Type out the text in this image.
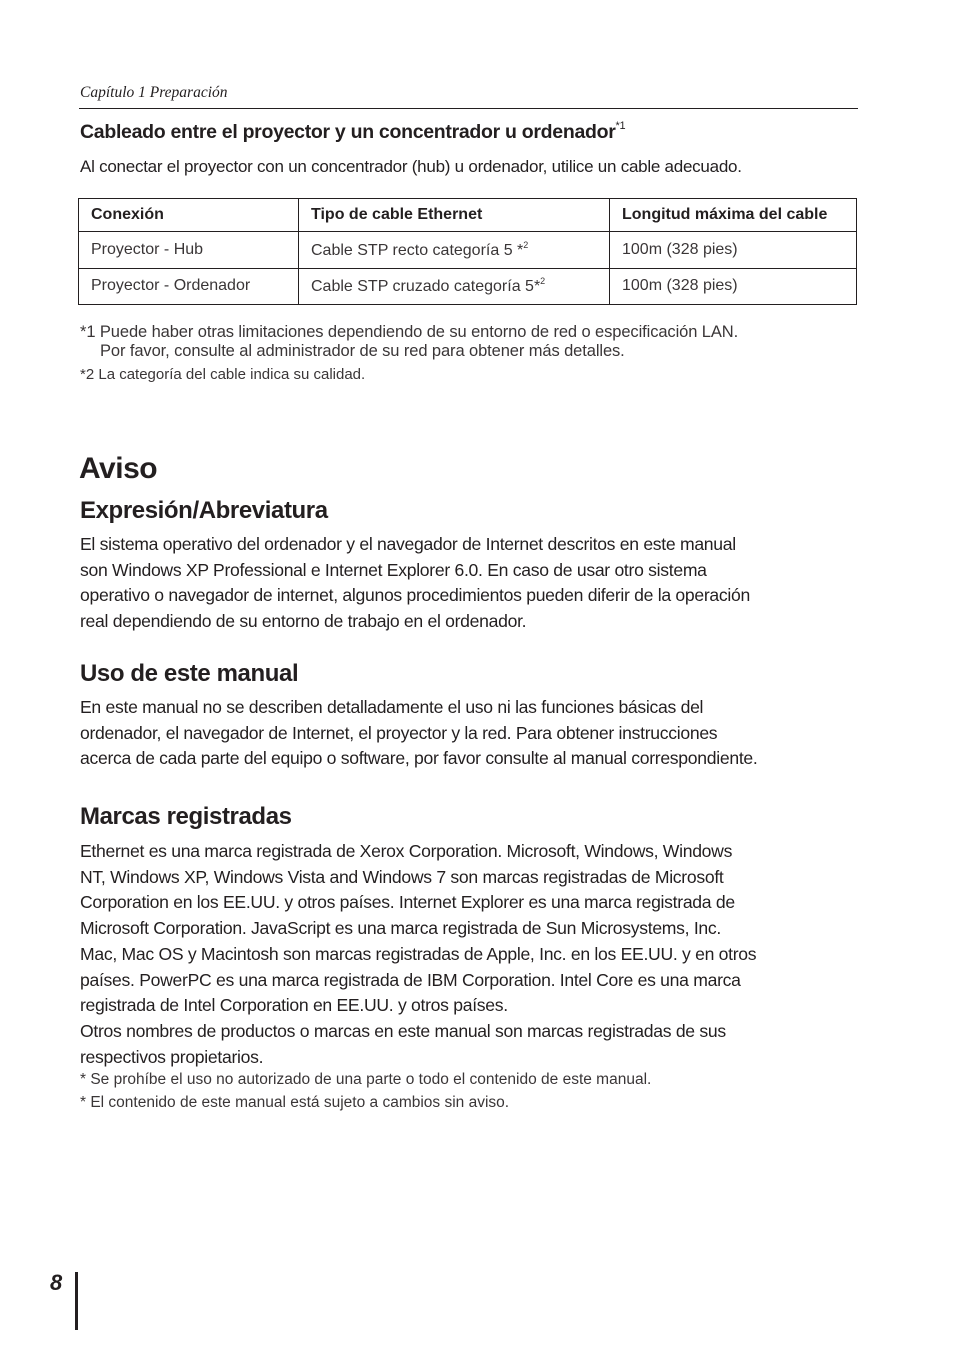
Capítulo 1 Preparación
Cableado entre el proyector y un concentrador u ordenador$^{*1}$
Al conectar el proyector con un concentrador (hub) u ordenador, utilice un cable adecuado.
Conexión	Tipo de cable Ethernet	Longitud máxima del cable
Proyector - Hub	Cable STP recto categoría 5 *$^2$	100m (328 pies)
Proyector - Ordenador	Cable STP cruzado categoría 5*$^2$	100m (328 pies)
*1 Puede haber otras limitaciones dependiendo de su entorno de red o especificación LAN.
Por favor, consulte al administrador de su red para obtener más detalles.
*2 La categoría del cable indica su calidad.
Aviso
Expresión/Abreviatura
El sistema operativo del ordenador y el navegador de Internet descritos en este manual
son Windows XP Professional e Internet Explorer 6.0. En caso de usar otro sistema
operativo o navegador de internet, algunos procedimientos pueden diferir de la operación
real dependiendo de su entorno de trabajo en el ordenador.
Uso de este manual
En este manual no se describen detalladamente el uso ni las funciones básicas del
ordenador, el navegador de Internet, el proyector y la red. Para obtener instrucciones
acerca de cada parte del equipo o software, por favor consulte al manual correspondiente.
Marcas registradas
Ethernet es una marca registrada de Xerox Corporation. Microsoft, Windows, Windows
NT, Windows XP, Windows Vista and Windows 7 son marcas registradas de Microsoft
Corporation en los EE.UU. y otros países. Internet Explorer es una marca registrada de
Microsoft Corporation. JavaScript es una marca registrada de Sun Microsystems, Inc.
Mac, Mac OS y Macintosh son marcas registradas de Apple, Inc. en los EE.UU. y en otros
países. PowerPC es una marca registrada de IBM Corporation. Intel Core es una marca
registrada de Intel Corporation en EE.UU. y otros países.
Otros nombres de productos o marcas en este manual son marcas registradas de sus
respectivos propietarios.
* Se prohíbe el uso no autorizado de una parte o todo el contenido de este manual.
* El contenido de este manual está sujeto a cambios sin aviso.
8
